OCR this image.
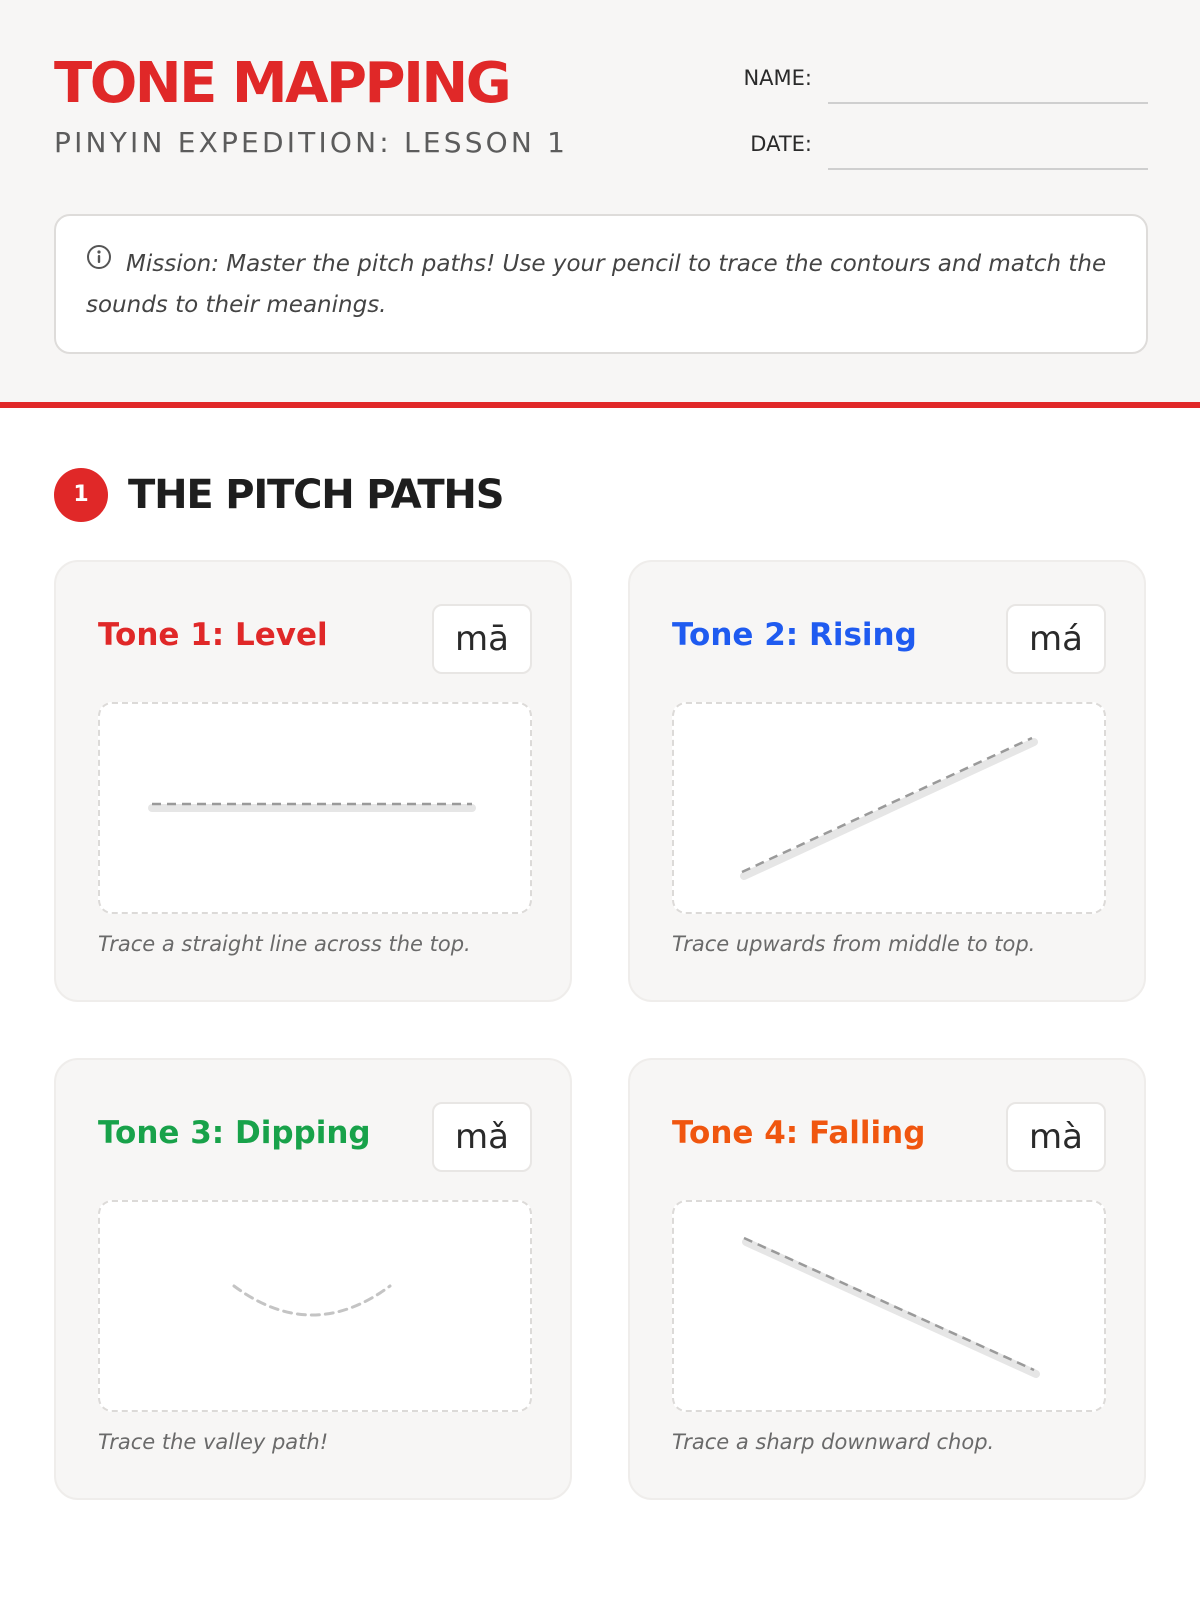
TONE MAPPING
PINYIN EXPEDITION: LESSON 1
NAME:
DATE:
Mission: Master the pitch paths! Use your pencil to trace the contours and match the sounds to their meanings.
1 THE PITCH PATHS
Tone 1: Level	mā
Trace a straight line across the top.
Tone 2: Rising	má
Trace upwards from middle to top.
Tone 3: Dipping	mǎ
Trace the valley path!
Tone 4: Falling	mà
Trace a sharp downward chop.
